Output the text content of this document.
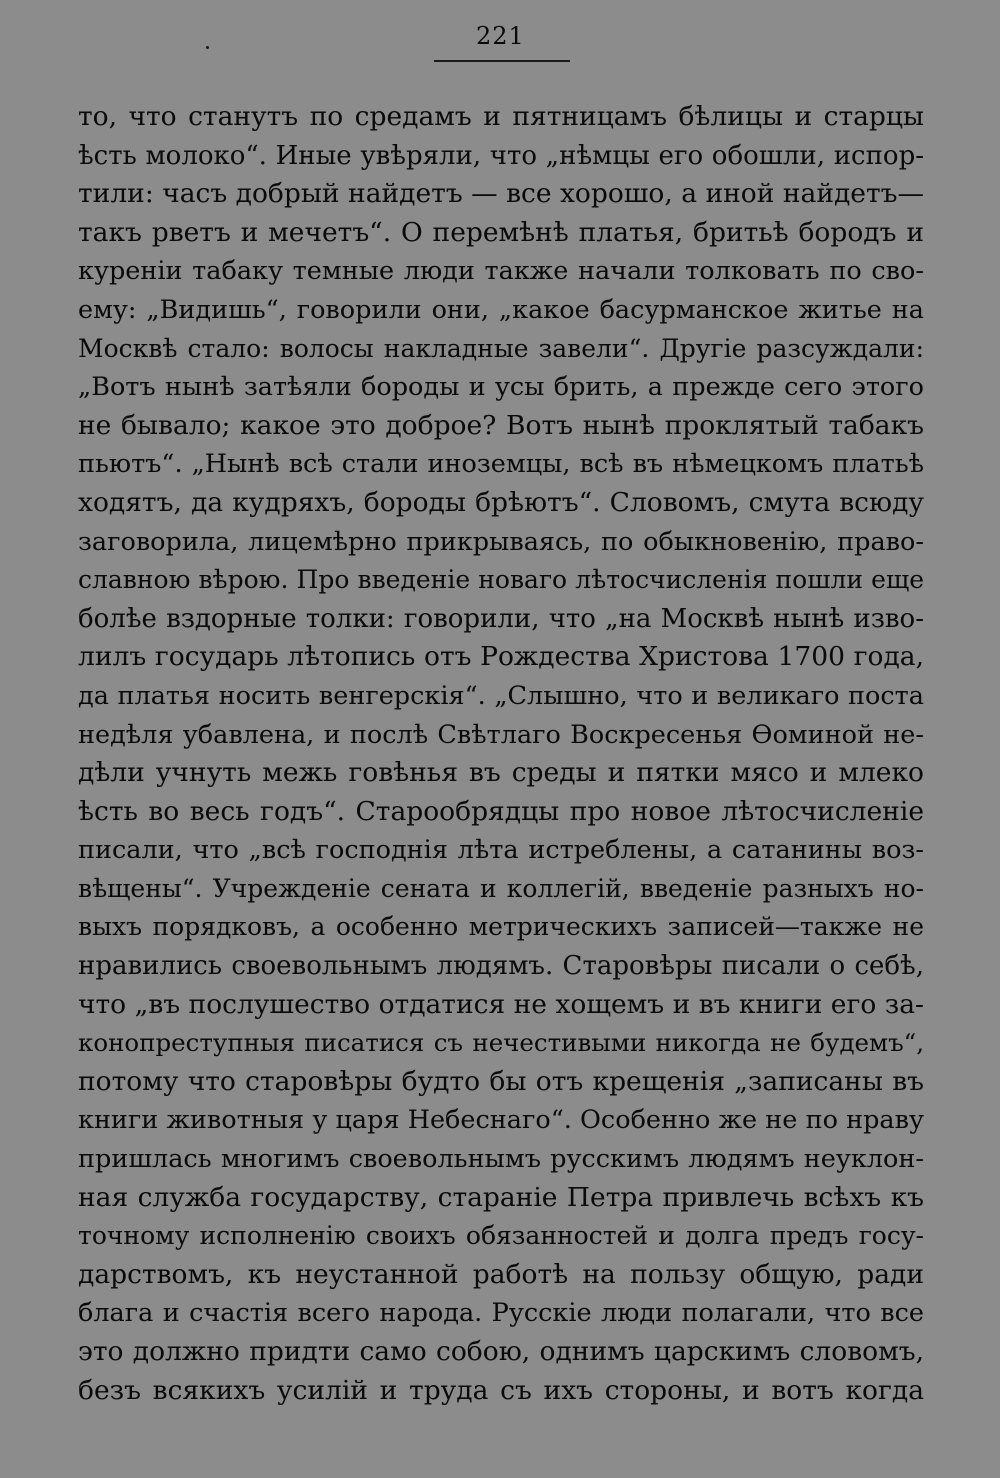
221
то, что станутъ по средамъ и пятницамъ бѣлицы и старцы
ѣсть молоко“. Иные увѣряли, что „нѣмцы его обошли, испор-
тили: часъ добрый найдетъ — все хорошо, а иной найдетъ—
такъ рветъ и мечетъ“. О перемѣнѣ платья, бритьѣ бородъ и
куреніи табаку темные люди также начали толковать по сво-
ему: „Видишь“, говорили они, „какое басурманское житье на
Москвѣ стало: волосы накладные завели“. Другіе разсуждали:
„Вотъ нынѣ затѣяли бороды и усы брить, а прежде сего этого
не бывало; какое это доброе? Вотъ нынѣ проклятый табакъ
пьютъ“. „Нынѣ всѣ стали иноземцы, всѣ въ нѣмецкомъ платьѣ
ходятъ, да кудряхъ, бороды брѣютъ“. Словомъ, смута всюду
заговорила, лицемѣрно прикрываясь, по обыкновенію, право-
славною вѣрою. Про введеніе новаго лѣтосчисленія пошли еще
болѣе вздорные толки: говорили, что „на Москвѣ нынѣ изво-
лилъ государь лѣтопись отъ Рождества Христова 1700 года,
да платья носить венгерскія“. „Слышно, что и великаго поста
недѣля убавлена, и послѣ Свѣтлаго Воскресенья Ѳоминой не-
дѣли учнуть межь говѣнья въ среды и пятки мясо и млеко
ѣсть во весь годъ“. Старообрядцы про новое лѣтосчисленіе
писали, что „всѣ господнія лѣта истреблены, а сатанины воз-
вѣщены“. Учрежденіе сената и коллегій, введеніе разныхъ но-
выхъ порядковъ, а особенно метрическихъ записей—также не
нравились своевольнымъ людямъ. Старовѣры писали о себѣ,
что „въ послушество отдатися не хощемъ и въ книги его за-
конопреступныя писатися съ нечестивыми никогда не будемъ“,
потому что старовѣры будто бы отъ крещенія „записаны въ
книги животныя у царя Небеснаго“. Особенно же не по нраву
пришлась многимъ своевольнымъ русскимъ людямъ неуклон-
ная служба государству, стараніе Петра привлечь всѣхъ къ
точному исполненію своихъ обязанностей и долга предъ госу-
дарствомъ, къ неустанной работѣ на пользу общую, ради
блага и счастія всего народа. Русскіе люди полагали, что все
это должно придти само собою, однимъ царскимъ словомъ,
безъ всякихъ усилій и труда съ ихъ стороны, и вотъ когда
